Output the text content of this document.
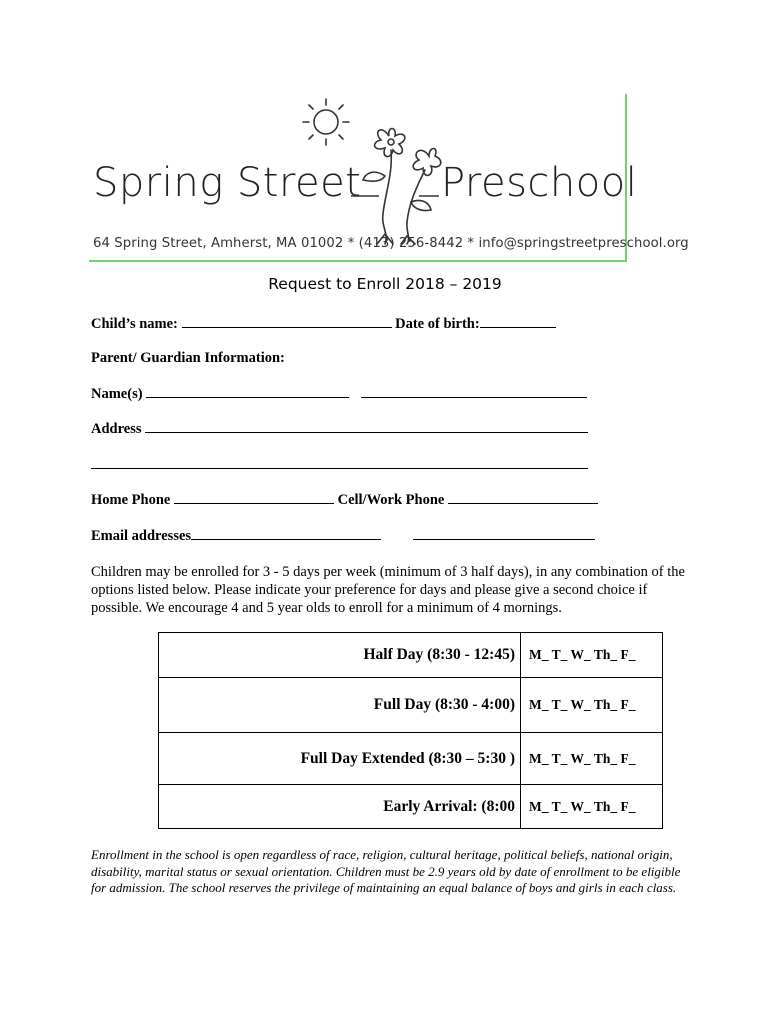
Spring Street Preschool
64 Spring Street, Amherst, MA 01002 * (413) 256-8442 * info@springstreetpreschool.org
Request to Enroll 2018 – 2019
Child’s name:	Date of birth:
Parent/ Guardian Information:
Name(s)
Address
Home Phone	Cell/Work Phone
Email addresses
Children may be enrolled for 3 - 5 days per week (minimum of 3 half days), in any combination of the options listed below. Please indicate your preference for days and please give a second choice if possible. We encourage 4 and 5 year olds to enroll for a minimum of 4 mornings.
Half Day (8:30 - 12:45)	M_ T_ W_ Th_ F_
Full Day (8:30 - 4:00)	M_ T_ W_ Th_ F_
Full Day Extended (8:30 – 5:30 )	M_ T_ W_ Th_ F_
Early Arrival: (8:00	M_ T_ W_ Th_ F_
Enrollment in the school is open regardless of race, religion, cultural heritage, political beliefs, national origin, disability, marital status or sexual orientation. Children must be 2.9 years old by date of enrollment to be eligible for admission. The school reserves the privilege of maintaining an equal balance of boys and girls in each class.
